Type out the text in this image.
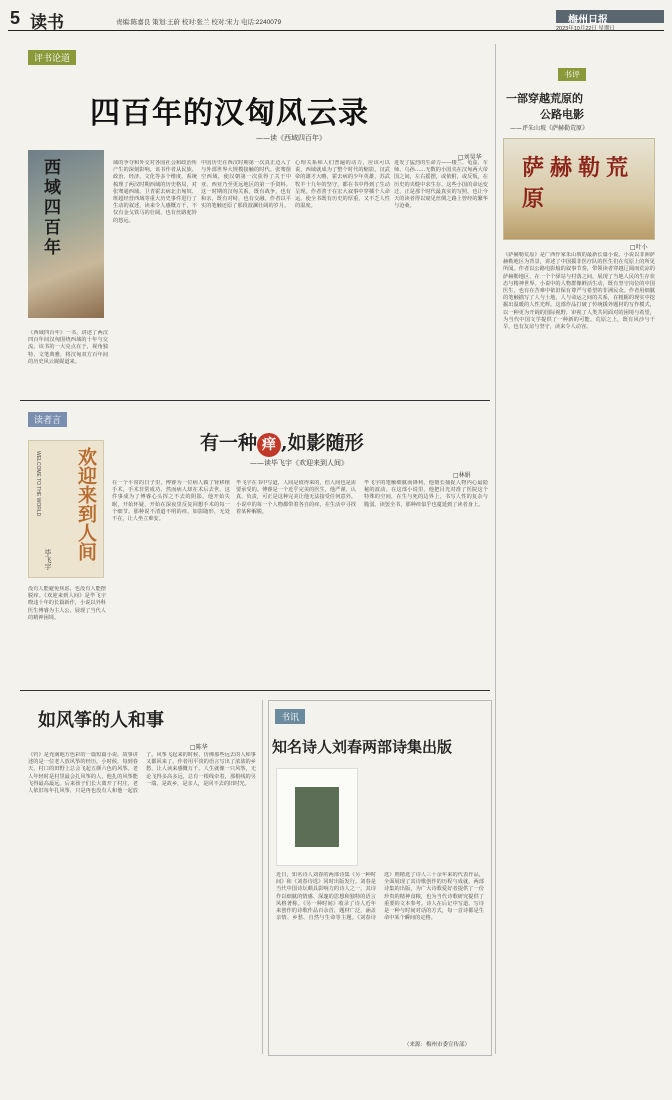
5 读书	责编:陈嘉良 策划:王蔚 校对:张兰 校对:宋力 电话:2240079	梅州日报
2023年10月22日 星期日
评书论道
四百年的汉匈风云录
——读《西域四百年》
□刘昊华
西域四百年
《西域四百年》一书，讲述了两汉四百年间汉匈围绕西域的十年与交流。该书的一大亮点在于，视角独特、文笔典雅，将汉匈双方百年间的历史风云娓娓道来。
域的争夺和外交对各国社会和政治所产生的深刻影响。该书作者从民族、政治、经济、文化等多个维度，系统梳理了两汉时期西域的历史格局，对张骞通西域、卫青霍去病北击匈奴、班超经营西域等重大历史事件进行了生动的叙述，读来令人感慨万千，不仅有金戈铁马的壮阔，也有丝路驼铃的悠远。
中国历史在西汉时期第一次真正迈入了与外部世界大规模接触的时代。张骞凿空西域，使汉朝第一次获得了关于中亚、西亚乃至更远地区的第一手资料。这一时期的汉匈关系，既有战争，也有和亲，既有对峙，也有交融。作者以平实的笔触还原了那段波澜壮阔的岁月。
心理关系和人们普遍的动力，应该可以说，西域就成为了整个时代的缩影。汉武帝的雄才大略，霍去病的少年英雄，苏武牧羊十九年的坚守，都在书中得到了生动呈现。作者善于在宏大叙事中穿插个人命运，使全书既有历史的厚重，又不乏人性的温度。
进发了猛烈的生命力——楼兰、龟兹、车师、乌孙……无数的小国夹在汉匈两大帝国之间，左右摇摆，或依附，或反叛，在历史的夹缝中求生存。这些小国的命运变迁，正是那个时代最真实的写照，也让今天的读者得以窥见丝绸之路上曾经的繁华与沧桑。
书评
一部穿越荒原的
公路电影
——评朱山坡《萨赫勒荒原》
萨赫勒荒原
□叶小
《萨赫勒荒原》是广西作家朱山坡的最新长篇小说。小说以非洲萨赫勒地区为背景，讲述了中国援非医疗队的医生们在荒原上的所见所闻。作者以公路电影般的叙事节奏，带领读者穿越辽阔而荒凉的萨赫勒地区，在一个个驿站与村落之间，展现了当地人民的生存状态与精神世界。小说中的人物群像鲜活生动，既有坚守岗位的中国医生，也有在苦难中依旧保有尊严与希望的非洲民众。作者用细腻的笔触描写了人与土地、人与命运之间的关系，在粗粝的现实中挖掘出温暖的人性光辉。这部作品打破了传统援外题材的写作模式，以一种更为开阔的国际视野，审视了人类共同面对的困境与希望，为当代中国文学提供了一种新的可能。荒原之上，既有风沙与干旱，也有友谊与坚守，读来令人动容。
读者言
有一种 痒 ,如影随形
——读毕飞宇《欢迎来到人间》
□林娟
欢迎来到人间
WELCOME TO THE WORLD
毕飞宇
没有人能避免焦虑，也没有人能摆脱痒。《欢迎来到人间》是毕飞宇暌违十年的长篇新作，小说以外科医生傅睿为主人公，展现了当代人的精神困境。
在一个平常的日子里，傅睿为一位病人做了肾移植手术，手术非常成功，然而病人却在术后去世。这件事成为了傅睿心头挥之不去的阴影。他开始失眠，开始怀疑，开始在深夜里反复回想手术的每一个细节。那种说不清道不明的痒，如影随形，无处不在，让人坐立难安。
毕飞宇在书中写道，人间是值得来的，但人间也是需要承受的。傅睿是一个近乎完美的医生，他严谨、认真、负责，可正是这种完美让他无法接受任何意外。小说中的每一个人物都带着各自的痒，在生活中寻找着某种解脱。
毕飞宇的笔触细腻而锋利，他擅长捕捉人物内心最隐秘的波动。在这部小说里，他把目光对准了医院这个特殊的空间，在生与死的边界上，书写人性的复杂与脆弱。读罢全书，那种痒似乎也蔓延到了读者身上。
如风筝的人和事
□陈华
《钓》是充满地方色彩的一篇短篇小说。故事讲述的是一位老人放风筝的经历。小时候，每到春天，村口的田野上总会飞起五颜六色的风筝。老人年轻时是村里最会扎风筝的人，他扎的风筝能飞得最高最远。后来孩子们长大离开了村庄，老人依旧每年扎风筝，只是再也没有人和他一起放了。风筝飞起来的时候，仿佛那些远去的人和事又都回来了。作者用平淡的语言写出了浓浓的乡愁，让人读来感慨万千。人生就像一只风筝，无论飞得多高多远，总有一根线牵着，那根线的另一端，是故乡，是亲人，是回不去的旧时光。
书讯
知名诗人刘春两部诗集出版
近日，知名诗人刘春的两部诗集《另一种时间》和《刘春诗选》同时出版发行。刘春是当代中国诗坛颇具影响力的诗人之一，其诗作以细腻的情感、深邃的思想和独特的语言风格著称。《另一种时间》收录了诗人近年来创作的诗歌作品百余首，题材广泛，涵盖亲情、乡愁、自然与生命等主题。《刘春诗选》则精选了诗人三十余年来的代表作品，全面展现了其诗歌创作的历程与成就。两部诗集的出版，为广大诗歌爱好者提供了一份珍贵的精神食粮，也为当代诗歌研究提供了重要的文本参考。诗人在后记中写道，写诗是一种与时间对话的方式，每一首诗都是生命中某个瞬间的定格。
（来源：梅州市委宣传部）
